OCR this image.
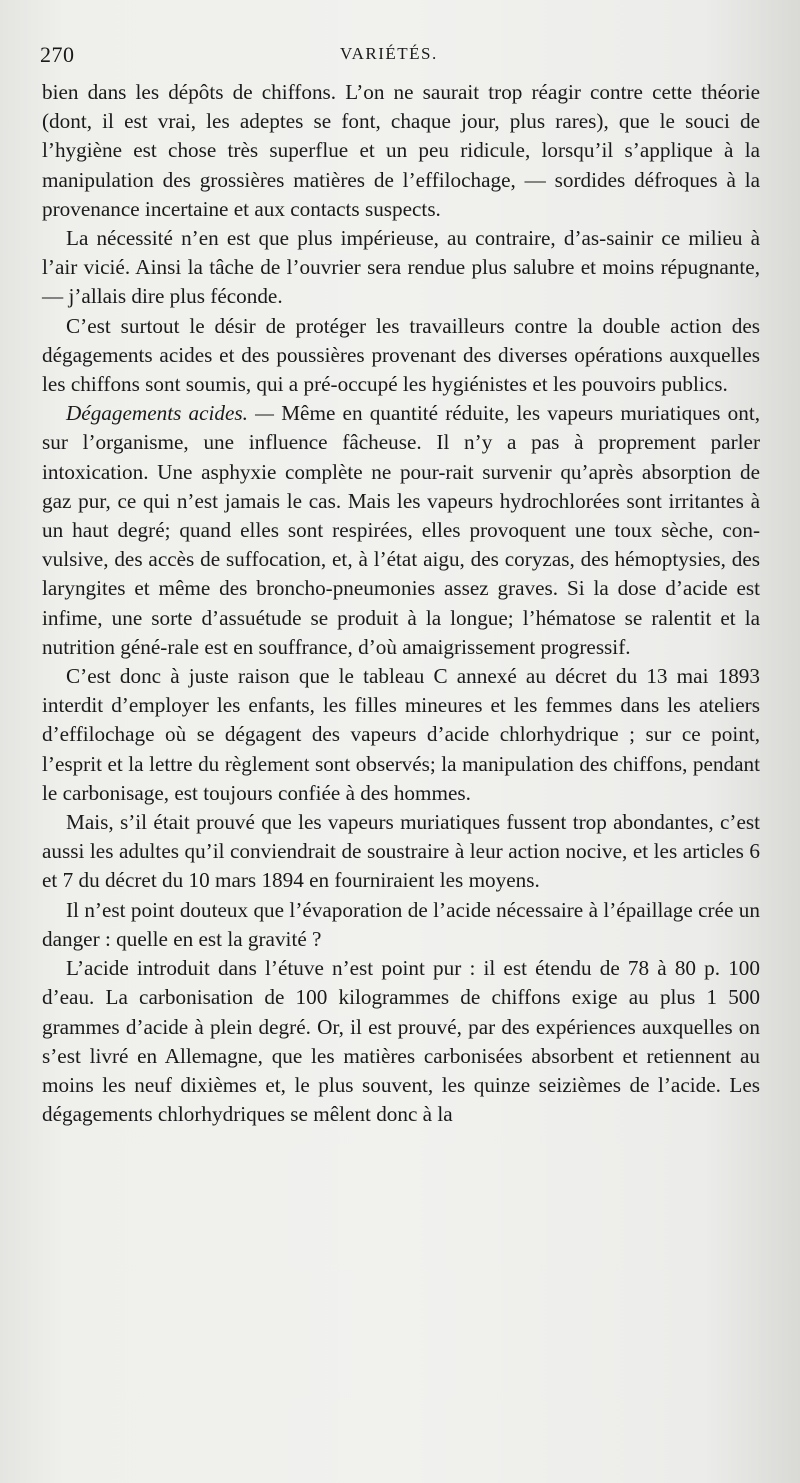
270	VARIÉTÉS.

bien dans les dépôts de chiffons. L’on ne saurait trop réagir contre cette théorie (dont, il est vrai, les adeptes se font, chaque jour, plus rares), que le souci de l’hygiène est chose très superflue et un peu ridicule, lorsqu’il s’applique à la manipulation des grossières matières de l’effilochage, — sordides défroques à la provenance incertaine et aux contacts suspects.

La nécessité n’en est que plus impérieuse, au contraire, d’as-sainir ce milieu à l’air vicié. Ainsi la tâche de l’ouvrier sera rendue plus salubre et moins répugnante, — j’allais dire plus féconde.

C’est surtout le désir de protéger les travailleurs contre la double action des dégagements acides et des poussières provenant des diverses opérations auxquelles les chiffons sont soumis, qui a pré-occupé les hygiénistes et les pouvoirs publics.

Dégagements acides. — Même en quantité réduite, les vapeurs muriatiques ont, sur l’organisme, une influence fâcheuse. Il n’y a pas à proprement parler intoxication. Une asphyxie complète ne pour-rait survenir qu’après absorption de gaz pur, ce qui n’est jamais le cas. Mais les vapeurs hydrochlorées sont irritantes à un haut degré; quand elles sont respirées, elles provoquent une toux sèche, con-vulsive, des accès de suffocation, et, à l’état aigu, des coryzas, des hémoptysies, des laryngites et même des broncho-pneumonies assez graves. Si la dose d’acide est infime, une sorte d’assuétude se produit à la longue; l’hématose se ralentit et la nutrition géné-rale est en souffrance, d’où amaigrissement progressif.

C’est donc à juste raison que le tableau C annexé au décret du 13 mai 1893 interdit d’employer les enfants, les filles mineures et les femmes dans les ateliers d’effilochage où se dégagent des vapeurs d’acide chlorhydrique ; sur ce point, l’esprit et la lettre du règlement sont observés; la manipulation des chiffons, pendant le carbonisage, est toujours confiée à des hommes.

Mais, s’il était prouvé que les vapeurs muriatiques fussent trop abondantes, c’est aussi les adultes qu’il conviendrait de soustraire à leur action nocive, et les articles 6 et 7 du décret du 10 mars 1894 en fourniraient les moyens.

Il n’est point douteux que l’évaporation de l’acide nécessaire à l’épaillage crée un danger : quelle en est la gravité ?

L’acide introduit dans l’étuve n’est point pur : il est étendu de 78 à 80 p. 100 d’eau. La carbonisation de 100 kilogrammes de chiffons exige au plus 1 500 grammes d’acide à plein degré. Or, il est prouvé, par des expériences auxquelles on s’est livré en Allemagne, que les matières carbonisées absorbent et retiennent au moins les neuf dixièmes et, le plus souvent, les quinze seizièmes de l’acide. Les dégagements chlorhydriques se mêlent donc à la
